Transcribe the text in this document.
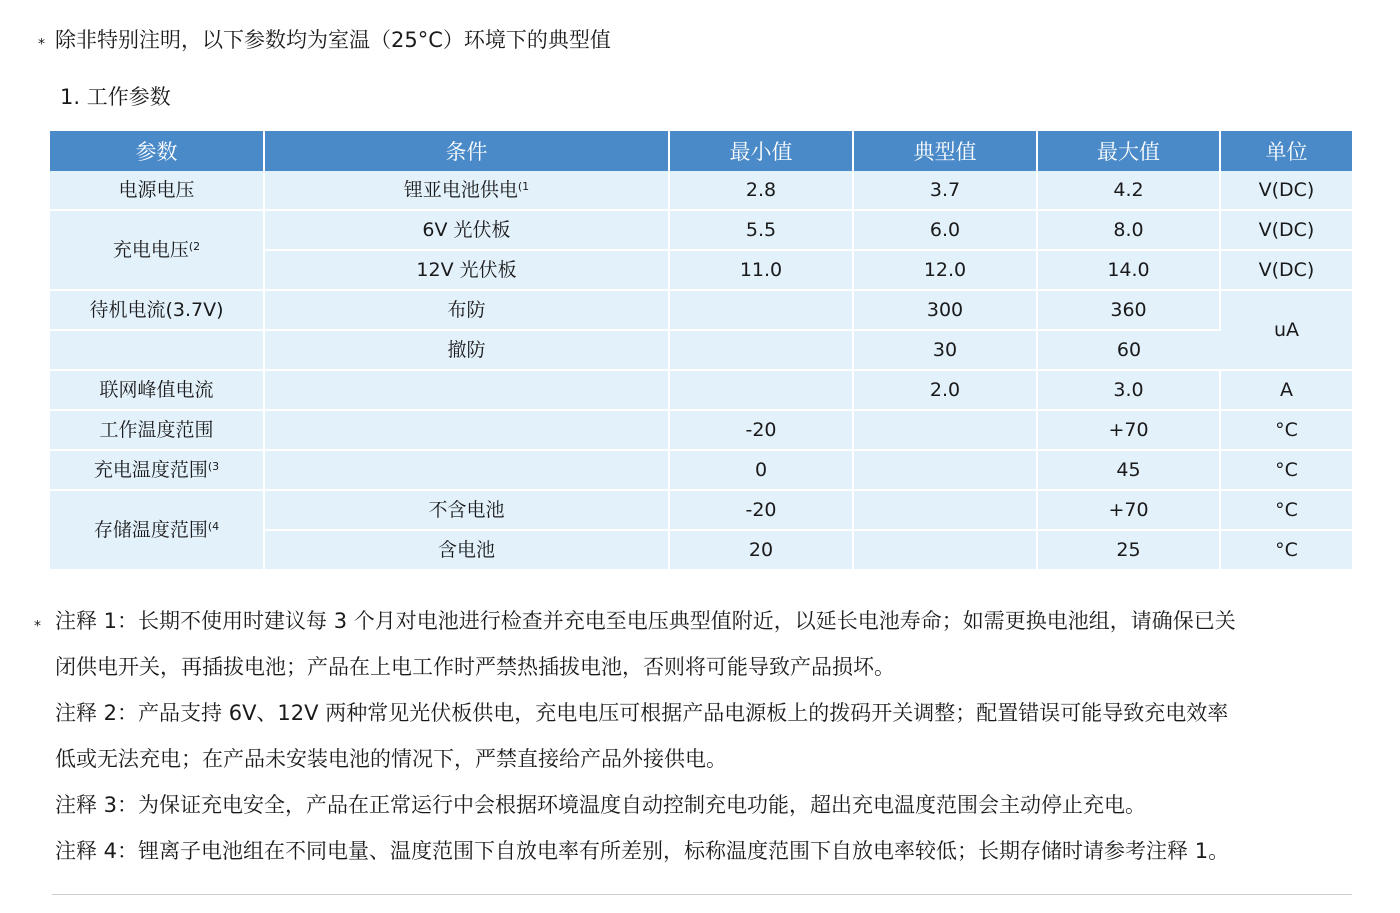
⁎ 除非特别注明，以下参数均为室温（25°C）环境下的典型值
1. 工作参数
参数	条件	最小值	典型值	最大值	单位
电源电压	锂亚电池供电$^{(1}$	2.8	3.7	4.2	V(DC)
充电电压$^{(2}$	6V 光伏板	5.5	6.0	8.0	V(DC)
	12V 光伏板	11.0	12.0	14.0	V(DC)
待机电流(3.7V)	布防		300	360	uA
	撤防		30	60	
联网峰值电流			2.0	3.0	A
工作温度范围		-20		+70	°C
充电温度范围$^{(3}$		0		45	°C
存储温度范围$^{(4}$	不含电池	-20		+70	°C
	含电池	20		25	°C
⁎ 注释 1：长期不使用时建议每 3 个月对电池进行检查并充电至电压典型值附近，以延长电池寿命；如需更换电池组，请确保已关
闭供电开关，再插拔电池；产品在上电工作时严禁热插拔电池，否则将可能导致产品损坏。
注释 2：产品支持 6V、12V 两种常见光伏板供电，充电电压可根据产品电源板上的拨码开关调整；配置错误可能导致充电效率
低或无法充电；在产品未安装电池的情况下，严禁直接给产品外接供电。
注释 3：为保证充电安全，产品在正常运行中会根据环境温度自动控制充电功能，超出充电温度范围会主动停止充电。
注释 4：锂离子电池组在不同电量、温度范围下自放电率有所差别，标称温度范围下自放电率较低；长期存储时请参考注释 1。
